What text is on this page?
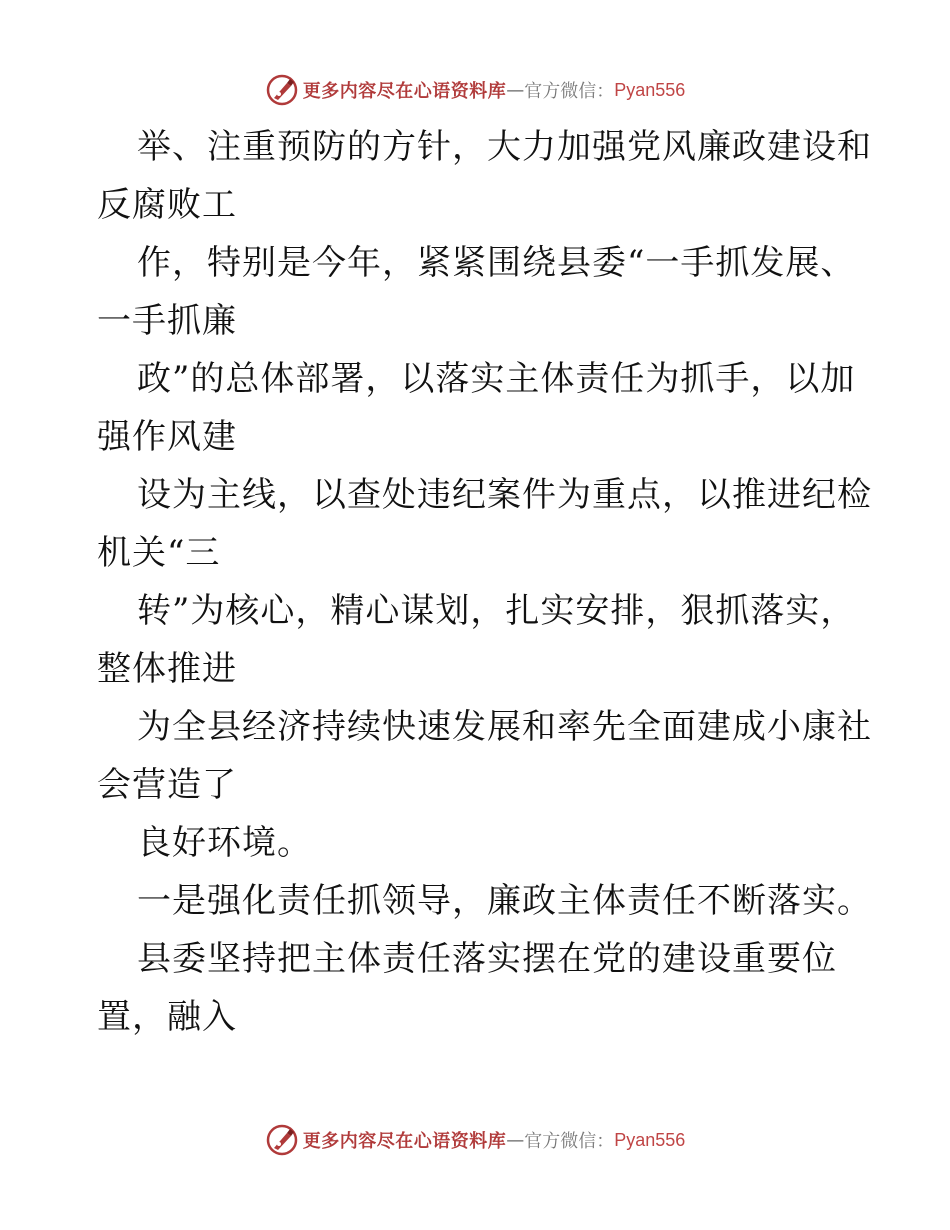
更多内容尽在心语资料库 — 官方微信： Pyan556
举、注重预防的方针，大力加强党风廉政建设和
反腐败工
作，特别是今年，紧紧围绕县委“一手抓发展、
一手抓廉
政”的总体部署，以落实主体责任为抓手，以加
强作风建
设为主线，以查处违纪案件为重点，以推进纪检
机关“三
转”为核心，精心谋划，扎实安排，狠抓落实，
整体推进
为全县经济持续快速发展和率先全面建成小康社
会营造了
良好环境。
一是强化责任抓领导，廉政主体责任不断落实。
县委坚持把主体责任落实摆在党的建设重要位
置，融入
更多内容尽在心语资料库 — 官方微信： Pyan556
